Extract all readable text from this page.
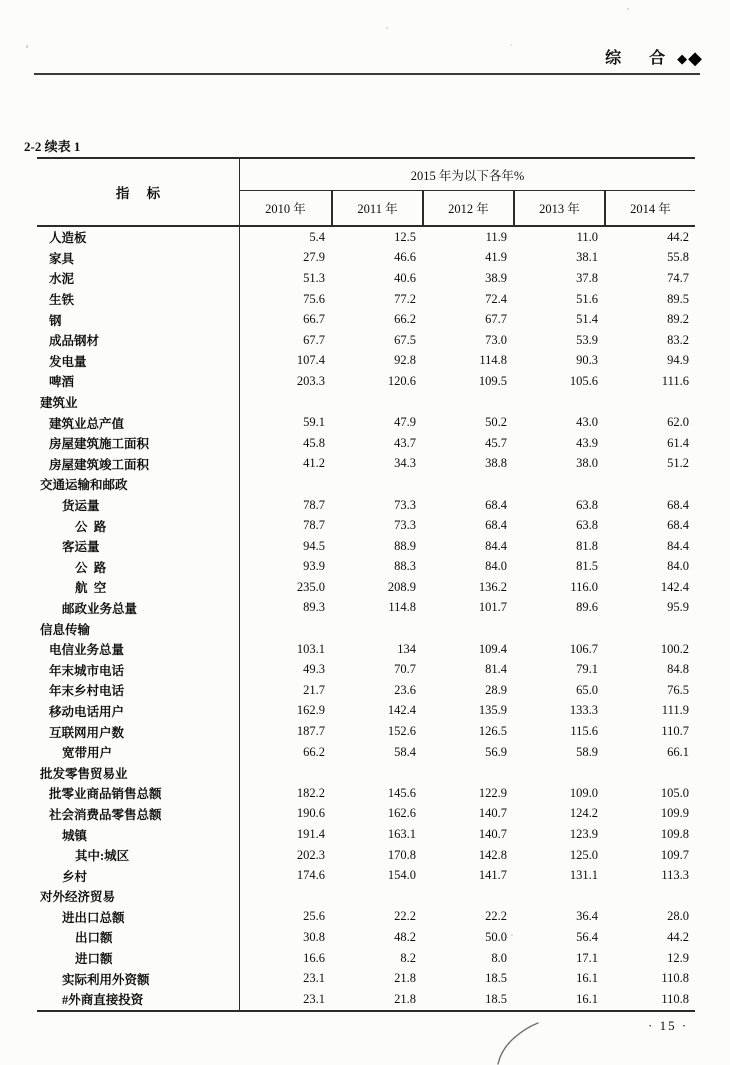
综 合 ◆ ◆
2-2 续表 1
指 标
2015 年为以下各年%
2010 年	2011 年	2012 年	2013 年	2014 年
人造板	5.4	12.5	11.9	11.0	44.2
家具	27.9	46.6	41.9	38.1	55.8
水泥	51.3	40.6	38.9	37.8	74.7
生铁	75.6	77.2	72.4	51.6	89.5
钢	66.7	66.2	67.7	51.4	89.2
成品钢材	67.7	67.5	73.0	53.9	83.2
发电量	107.4	92.8	114.8	90.3	94.9
啤酒	203.3	120.6	109.5	105.6	111.6
建筑业
建筑业总产值	59.1	47.9	50.2	43.0	62.0
房屋建筑施工面积	45.8	43.7	45.7	43.9	61.4
房屋建筑竣工面积	41.2	34.3	38.8	38.0	51.2
交通运输和邮政
货运量	78.7	73.3	68.4	63.8	68.4
公  路	78.7	73.3	68.4	63.8	68.4
客运量	94.5	88.9	84.4	81.8	84.4
公  路	93.9	88.3	84.0	81.5	84.0
航  空	235.0	208.9	136.2	116.0	142.4
邮政业务总量	89.3	114.8	101.7	89.6	95.9
信息传输
电信业务总量	103.1	134	109.4	106.7	100.2
年末城市电话	49.3	70.7	81.4	79.1	84.8
年末乡村电话	21.7	23.6	28.9	65.0	76.5
移动电话用户	162.9	142.4	135.9	133.3	111.9
互联网用户数	187.7	152.6	126.5	115.6	110.7
宽带用户	66.2	58.4	56.9	58.9	66.1
批发零售贸易业
批零业商品销售总额	182.2	145.6	122.9	109.0	105.0
社会消费品零售总额	190.6	162.6	140.7	124.2	109.9
城镇	191.4	163.1	140.7	123.9	109.8
其中:城区	202.3	170.8	142.8	125.0	109.7
乡村	174.6	154.0	141.7	131.1	113.3
对外经济贸易
进出口总额	25.6	22.2	22.2	36.4	28.0
出口额	30.8	48.2	50.0	56.4	44.2
进口额	16.6	8.2	8.0	17.1	12.9
实际利用外资额	23.1	21.8	18.5	16.1	110.8
#外商直接投资	23.1	21.8	18.5	16.1	110.8
· 15 ·
